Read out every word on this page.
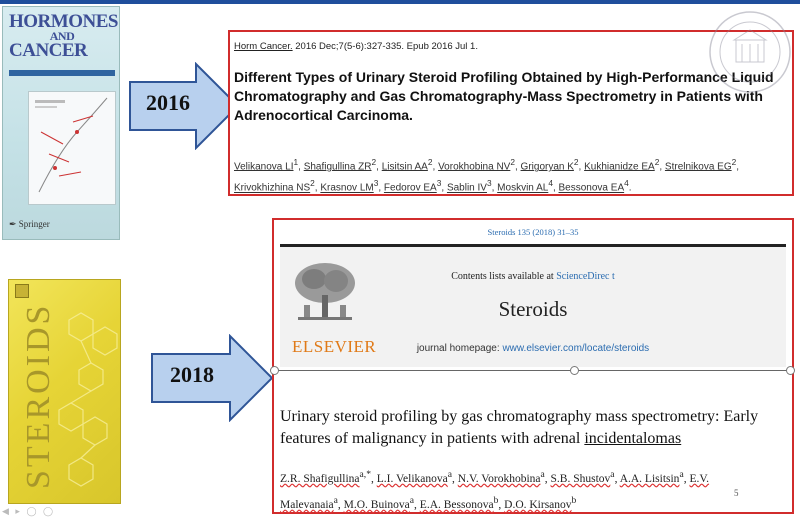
HORMONES
AND
CANCER
✒ Springer
2016
Horm Cancer. 2016 Dec;7(5-6):327-335. Epub 2016 Jul 1.
Different Types of Urinary Steroid Profiling Obtained by High-Performance Liquid Chromatography and Gas Chromatography-Mass Spectrometry in Patients with Adrenocortical Carcinoma.
Velikanova $LI^1$, Shafigullina $ZR^2$, Lisitsin $AA^2$, Vorokhobina $NV^2$, Grigoryan $K^2$, Kukhianidze $EA^2$, Strelnikova $EG^2$, Krivokhizhina $NS^2$, Krasnov $LM^3$, Fedorov $EA^3$, Sablin $IV^3$, Moskvin $AL^4$, Bessonova $EA^4$.
STEROIDS	2018
Steroids 135 (2018) 31–35
ELSEVIER
Contents lists available at ScienceDirec t
Steroids
journal homepage: www.elsevier.com/locate/steroids
Urinary steroid profiling by gas chromatography mass spectrometry: Early features of malignancy in patients with adrenal incidentalomas
Z.R. Shafigullina$^{a,*}$, L.I. Velikanova$^a$, N.V. Vorokhobina$^a$, S.B. Shustov$^a$, A.A. Lisitsin$^a$, E.V.
Malevanaia$^a$, M.O. Buinova$^a$, E.A. Bessonova$^b$, D.O. Kirsanov$^b$
5
◀ ▸ ◯ ◯
